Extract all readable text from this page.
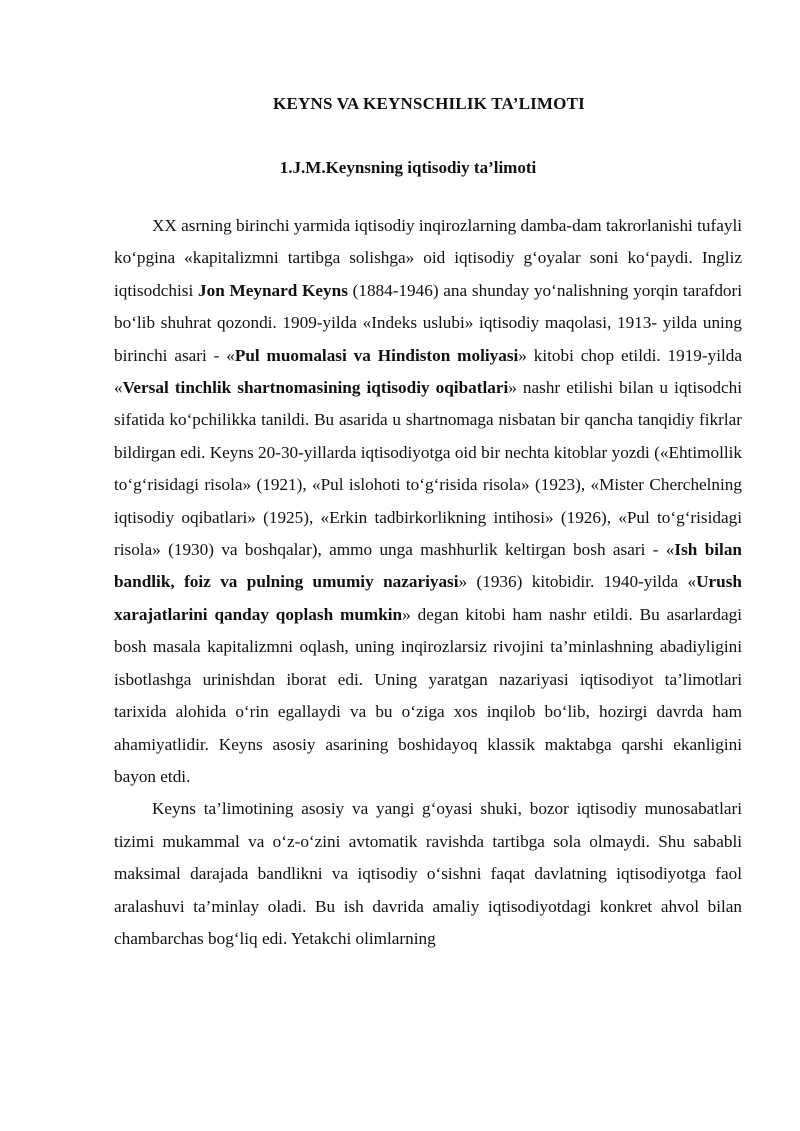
KEYNS VA KEYNSCHILIK TA’LIMOTI
1.J.M.Keynsning iqtisodiy ta’limoti

XX asrning birinchi yarmida iqtisodiy inqirozlarning damba-dam takrorlanishi tufayli ko‘pgina «kapitalizmni tartibga solishga» oid iqtisodiy g‘oyalar soni ko‘paydi. Ingliz iqtisodchisi Jon Meynard Keyns (1884-1946) ana shunday yo‘nalishning yorqin tarafdori bo‘lib shuhrat qozondi. 1909-yilda «Indeks uslubi» iqtisodiy maqolasi, 1913- yilda uning birinchi asari - «Pul muomalasi va Hindiston moliyasi» kitobi chop etildi. 1919-yilda «Versal tinchlik shartnomasining iqtisodiy oqibatlari» nashr etilishi bilan u iqtisodchi sifatida ko‘pchilikka tanildi. Bu asarida u shartnomaga nisbatan bir qancha tanqidiy fikrlar bildirgan edi. Keyns 20-30-yillarda iqtisodiyotga oid bir nechta kitoblar yozdi («Ehtimollik to‘g‘risidagi risola» (1921), «Pul islohoti to‘g‘risida risola» (1923), «Mister Cherchelning iqtisodiy oqibatlari» (1925), «Erkin tadbirkorlikning intihosi» (1926), «Pul to‘g‘risidagi risola» (1930) va boshqalar), ammo unga mashhurlik keltirgan bosh asari - «Ish bilan bandlik, foiz va pulning umumiy nazariyasi» (1936) kitobidir. 1940-yilda «Urush xarajatlarini qanday qoplash mumkin» degan kitobi ham nashr etildi. Bu asarlardagi bosh masala kapitalizmni oqlash, uning inqirozlarsiz rivojini ta’minlashning abadiyligini isbotlashga urinishdan iborat edi. Uning yaratgan nazariyasi iqtisodiyot ta’limotlari tarixida alohida o‘rin egallaydi va bu o‘ziga xos inqilob bo‘lib, hozirgi davrda ham ahamiyatlidir. Keyns asosiy asarining boshidayoq klassik maktabga qarshi ekanligini bayon etdi.

Keyns ta’limotining asosiy va yangi g‘oyasi shuki, bozor iqtisodiy munosabatlari tizimi mukammal va o‘z-o‘zini avtomatik ravishda tartibga sola olmaydi. Shu sababli maksimal darajada bandlikni va iqtisodiy o‘sishni faqat davlatning iqtisodiyotga faol aralashuvi ta’minlay oladi. Bu ish davrida amaliy iqtisodiyotdagi konkret ahvol bilan chambarchas bog‘liq edi. Yetakchi olimlarning
